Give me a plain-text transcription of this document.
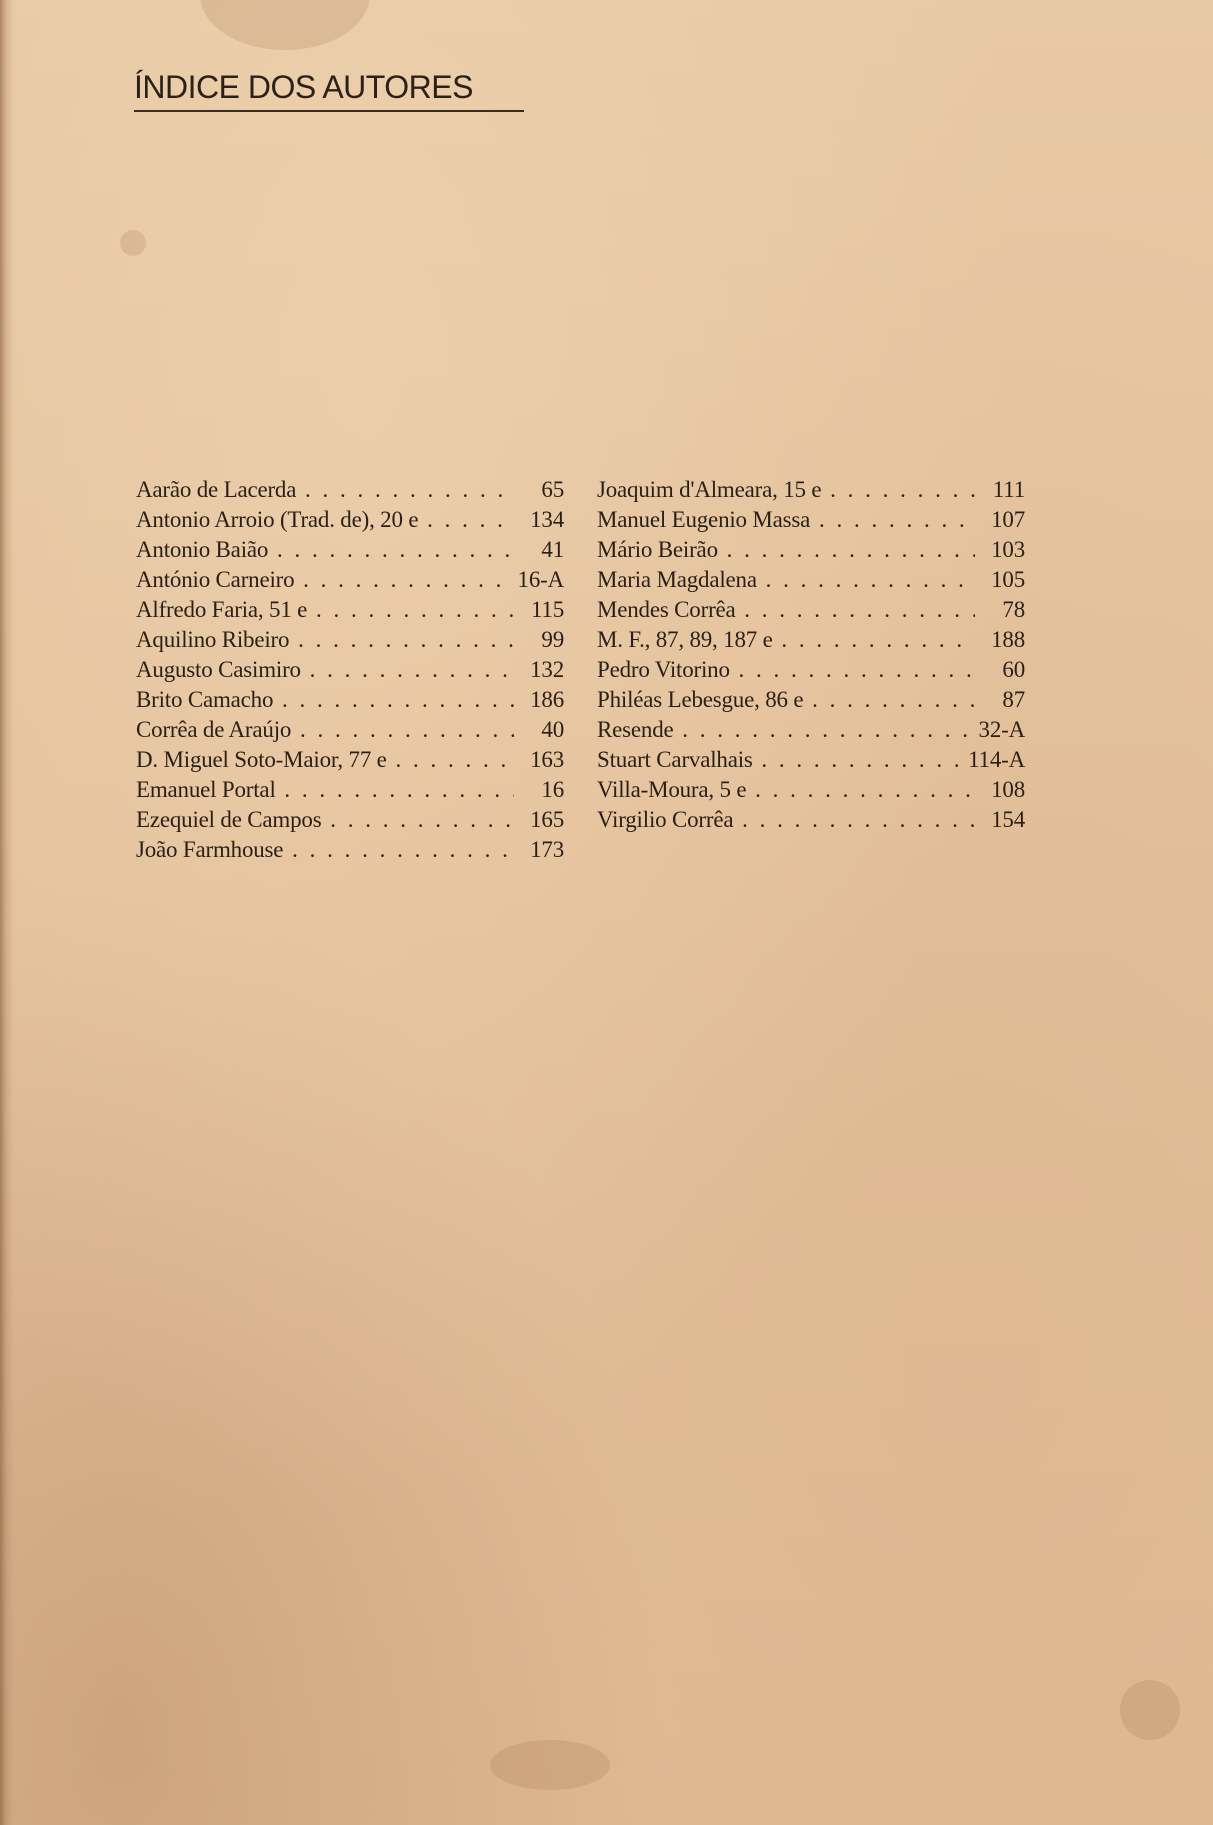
ÍNDICE DOS AUTORES
Aarão de Lacerda . . .	65
Antonio Arroio (Trad. de), 20 e . . .	134
Antonio Baião . . .	41
António Carneiro . . .	16-A
Alfredo Faria, 51 e . . .	115
Aquilino Ribeiro . . .	99
Augusto Casimiro . . .	132
Brito Camacho . . .	186
Corrêa de Araújo . . .	40
D. Miguel Soto-Maior, 77 e . . .	163
Emanuel Portal . . .	16
Ezequiel de Campos . . .	165
João Farmhouse . . .	173
Joaquim d'Almeara, 15 e . . .	111
Manuel Eugenio Massa . . .	107
Mário Beirão . . .	103
Maria Magdalena . . .	105
Mendes Corrêa . . .	78
M. F., 87, 89, 187 e . . .	188
Pedro Vitorino . . .	60
Philéas Lebesgue, 86 e . . .	87
Resende . . .	32-A
Stuart Carvalhais . . .	114-A
Villa-Moura, 5 e . . .	108
Virgilio Corrêa . . .	154
